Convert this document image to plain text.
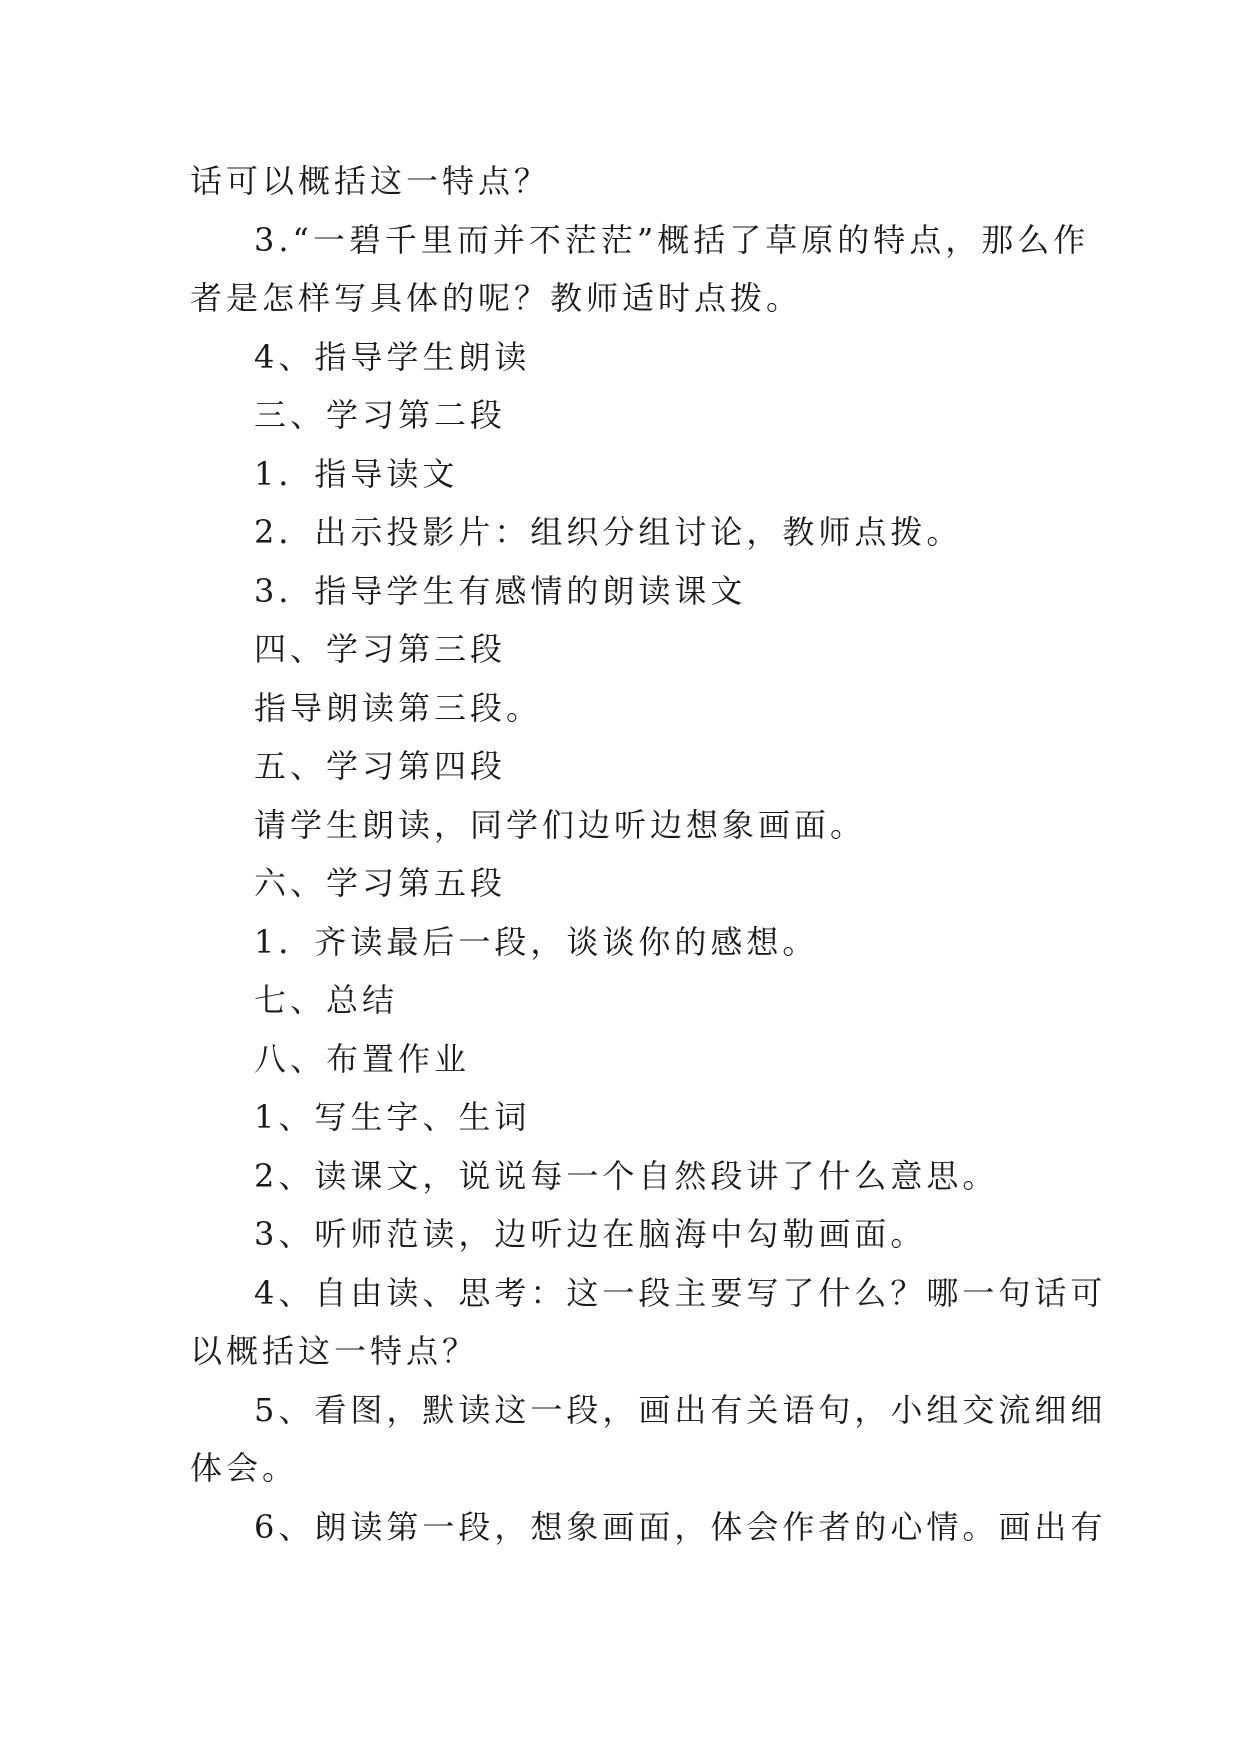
话可以概括这一特点？
3.“一碧千里而并不茫茫”概括了草原的特点，那么作
者是怎样写具体的呢？教师适时点拨。
4、指导学生朗读
三、学习第二段
1．指导读文
2．出示投影片：组织分组讨论，教师点拨。
3．指导学生有感情的朗读课文
四、学习第三段
指导朗读第三段。
五、学习第四段
请学生朗读，同学们边听边想象画面。
六、学习第五段
1．齐读最后一段，谈谈你的感想。
七、总结
八、布置作业
1、写生字、生词
2、读课文，说说每一个自然段讲了什么意思。
3、听师范读，边听边在脑海中勾勒画面。
4、自由读、思考：这一段主要写了什么？哪一句话可
以概括这一特点？
5、看图，默读这一段，画出有关语句，小组交流细细
体会。
6、朗读第一段，想象画面，体会作者的心情。画出有
